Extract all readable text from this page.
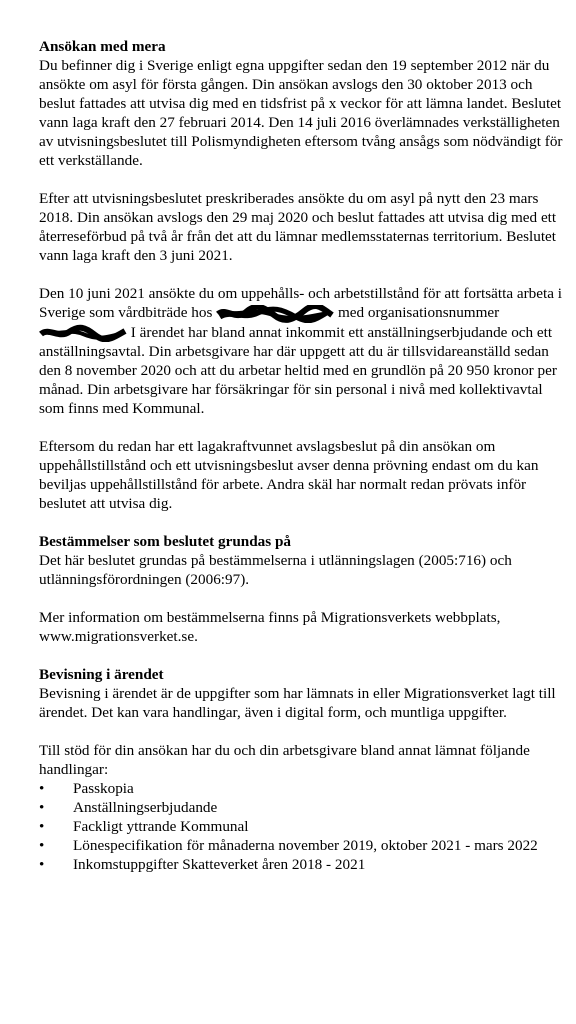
Ansökan med mera

Du befinner dig i Sverige enligt egna uppgifter sedan den 19 september 2012 när du ansökte om asyl för första gången. Din ansökan avslogs den 30 oktober 2013 och beslut fattades att utvisa dig med en tidsfrist på x veckor för att lämna landet. Beslutet vann laga kraft den 27 februari 2014. Den 14 juli 2016 överlämnades verkställigheten av utvisningsbeslutet till Polismyndigheten eftersom tvång ansågs som nödvändigt för ett verkställande.

Efter att utvisningsbeslutet preskriberades ansökte du om asyl på nytt den 23 mars 2018. Din ansökan avslogs den 29 maj 2020 och beslut fattades att utvisa dig med ett återreseförbud på två år från det att du lämnar medlemsstaternas territorium. Beslutet vann laga kraft den 3 juni 2021.

Den 10 juni 2021 ansökte du om uppehålls- och arbetstillstånd för att fortsätta arbeta i Sverige som vårdbiträde hos	med organisationsnummer  I ärendet har bland annat inkommit ett anställningserbjudande och ett anställningsavtal. Din arbetsgivare har där uppgett att du är tillsvidareanställd sedan den 8 november 2020 och att du arbetar heltid med en grundlön på 20 950 kronor per månad. Din arbetsgivare har försäkringar för sin personal i nivå med kollektivavtal som finns med Kommunal.

Eftersom du redan har ett lagakraftvunnet avslagsbeslut på din ansökan om uppehållstillstånd och ett utvisningsbeslut avser denna prövning endast om du kan beviljas uppehållstillstånd för arbete. Andra skäl har normalt redan prövats inför beslutet att utvisa dig.

Bestämmelser som beslutet grundas på

Det här beslutet grundas på bestämmelserna i utlänningslagen (2005:716) och utlänningsförordningen (2006:97).

Mer information om bestämmelserna finns på Migrationsverkets webbplats, www.migrationsverket.se.

Bevisning i ärendet

Bevisning i ärendet är de uppgifter som har lämnats in eller Migrationsverket lagt till ärendet. Det kan vara handlingar, även i digital form, och muntliga uppgifter.

Till stöd för din ansökan har du och din arbetsgivare bland annat lämnat följande handlingar:

• Passkopia
• Anställningserbjudande
• Fackligt yttrande Kommunal
• Lönespecifikation för månaderna november 2019, oktober 2021 - mars 2022
• Inkomstuppgifter Skatteverket åren 2018 - 2021
